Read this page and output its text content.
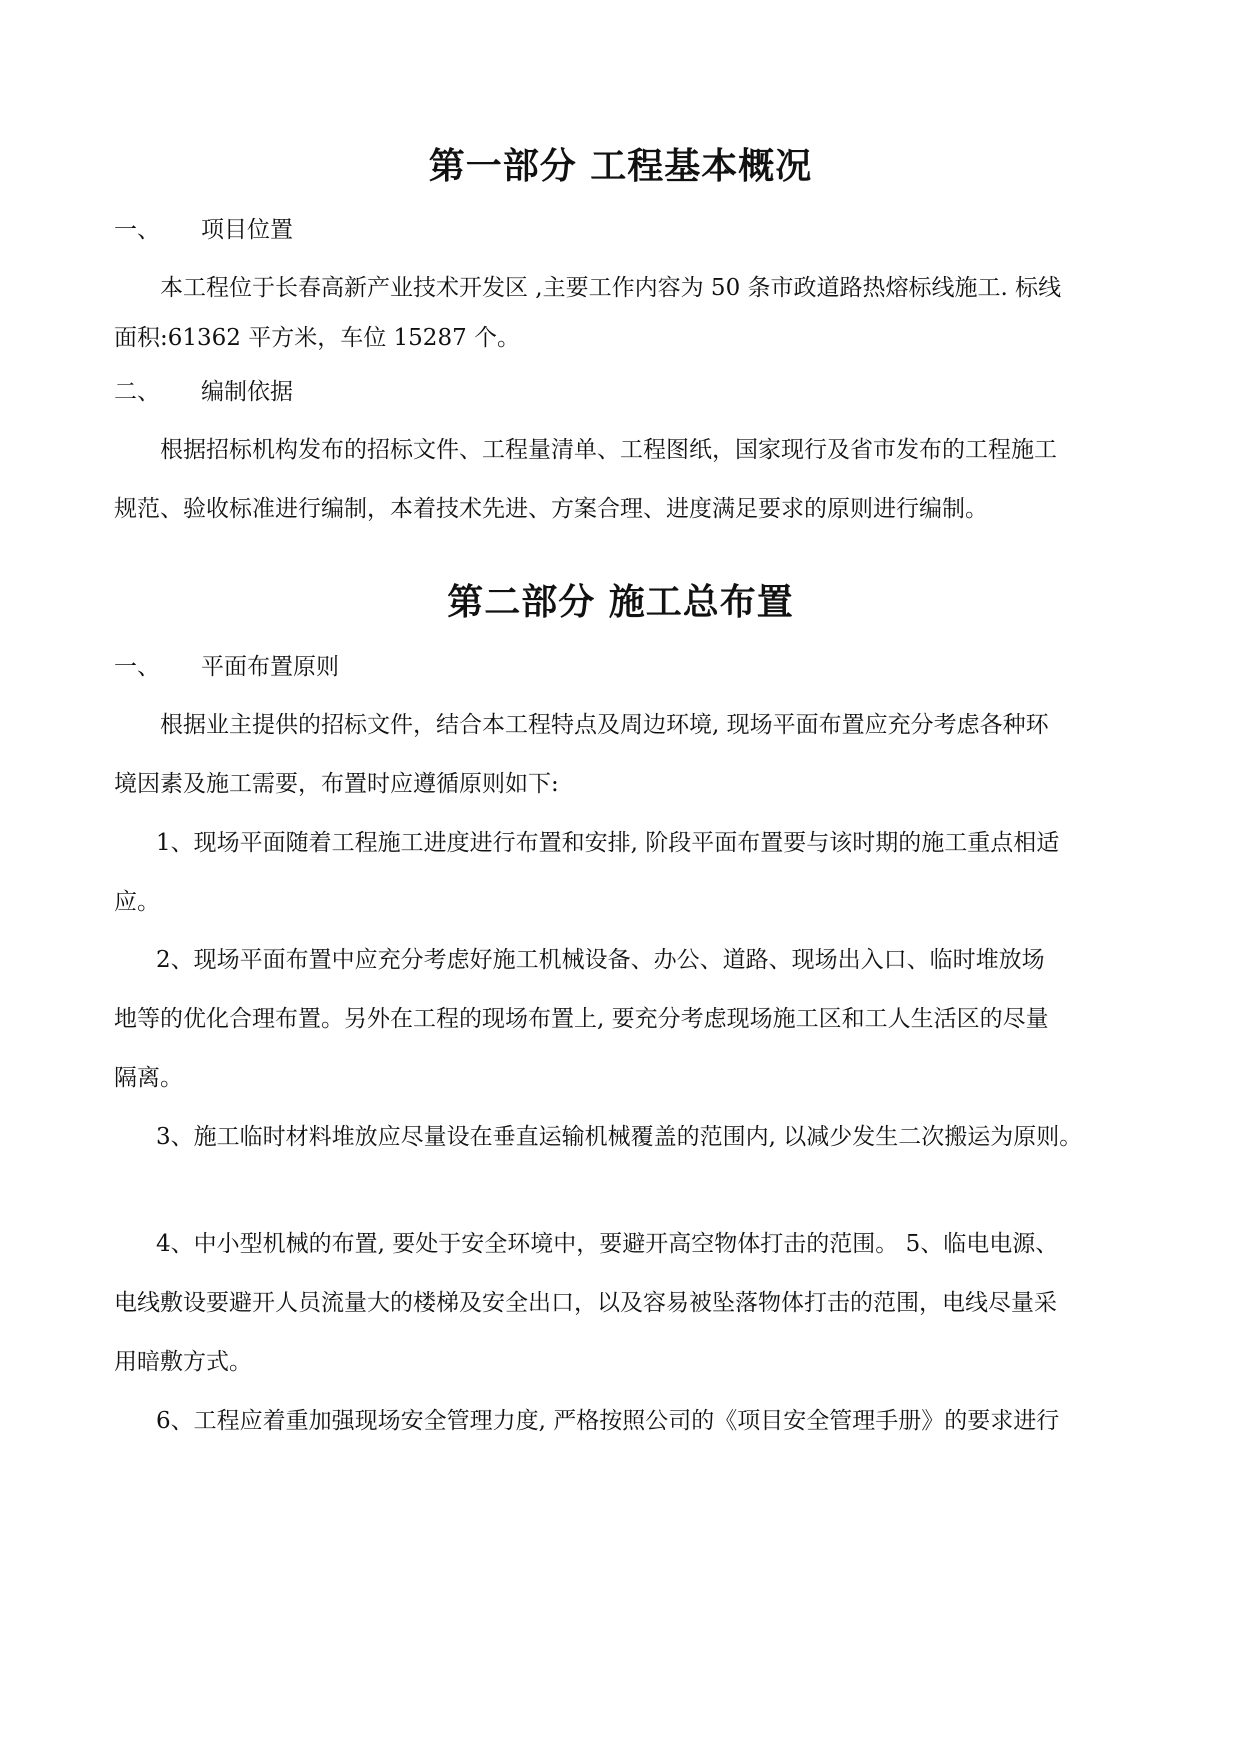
第一部分 工程基本概况
一、 项目位置
本工程位于长春高新产业技术开发区 ,主要工作内容为 50 条市政道路热熔标线施工. 标线
面积:61362 平方米，车位 15287 个。
二、 编制依据
根据招标机构发布的招标文件、工程量清单、工程图纸，国家现行及省市发布的工程施工
规范、验收标准进行编制，本着技术先进、方案合理、进度满足要求的原则进行编制。
第二部分 施工总布置
一、 平面布置原则
根据业主提供的招标文件，结合本工程特点及周边环境, 现场平面布置应充分考虑各种环
境因素及施工需要，布置时应遵循原则如下:
1、现场平面随着工程施工进度进行布置和安排, 阶段平面布置要与该时期的施工重点相适
应。
2、现场平面布置中应充分考虑好施工机械设备、办公、道路、现场出入口、临时堆放场
地等的优化合理布置。另外在工程的现场布置上, 要充分考虑现场施工区和工人生活区的尽量
隔离。
3、施工临时材料堆放应尽量设在垂直运输机械覆盖的范围内, 以减少发生二次搬运为原则。
4、中小型机械的布置, 要处于安全环境中，要避开高空物体打击的范围。 5、临电电源、
电线敷设要避开人员流量大的楼梯及安全出口，以及容易被坠落物体打击的范围，电线尽量采
用暗敷方式。
6、工程应着重加强现场安全管理力度, 严格按照公司的《项目安全管理手册》的要求进行
